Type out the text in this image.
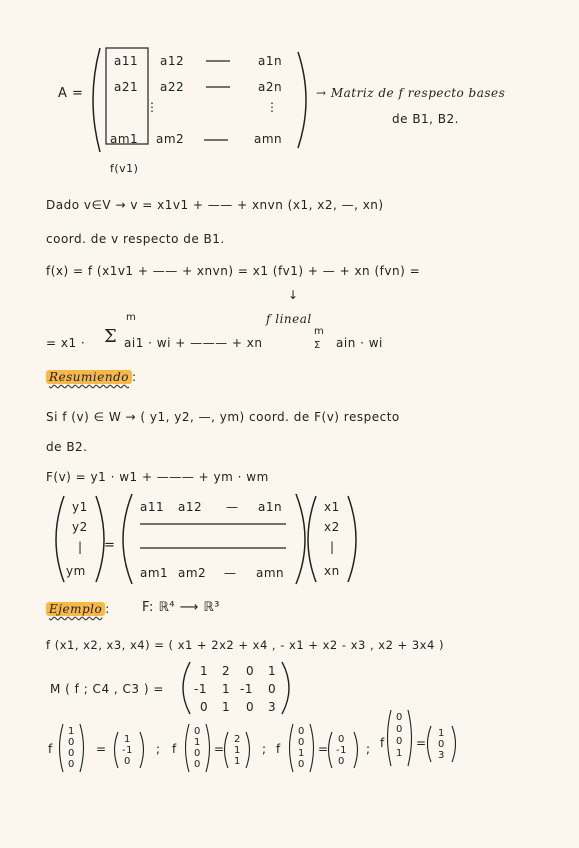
A =
a11 a12	a1n
a21 a22	a2n
⋮	⋮
am1 am2	amn
→ Matriz de f respecto bases
de B1, B2.
f(v1)
Dado v∈V → v = x1v1 + —— + xnvn (x1, x2, —, xn)
coord. de v respecto de B1.
f(x) = f (x1v1 + —— + xnvn) = x1 (fv1) + — + xn (fvn) =
↓
m	f lineal
m
= x1 · Σ ai1 · wi + ——— + xn	Σ ain · wi
Resumiendo :
Si f (v) ∈ W → ( y1, y2, —, ym) coord. de F(v) respecto
de B2.
F(v) = y1 · w1 + ——— + ym · wm
y1
y2
|
ym
=
a11 a12 — a1n
am1 am2 — amn
x1
x2
|
xn
Ejemplo : F: ℝ⁴ ⟶ ℝ³
f (x1, x2, x3, x4) = ( x1 + 2x2 + x4 , - x1 + x2 - x3 , x2 + 3x4 )
M ( f ; C4 , C3 ) =
1 2 0 1
-1 1 -1 0
0 1 0 3
f
1
0
0
0
=
1
-1
0
; f
0
1
0
0
=
2
1
1
; f
0
0
1
0
=
0
-1
0
; f
0
0
0
1
=
1
0
3
